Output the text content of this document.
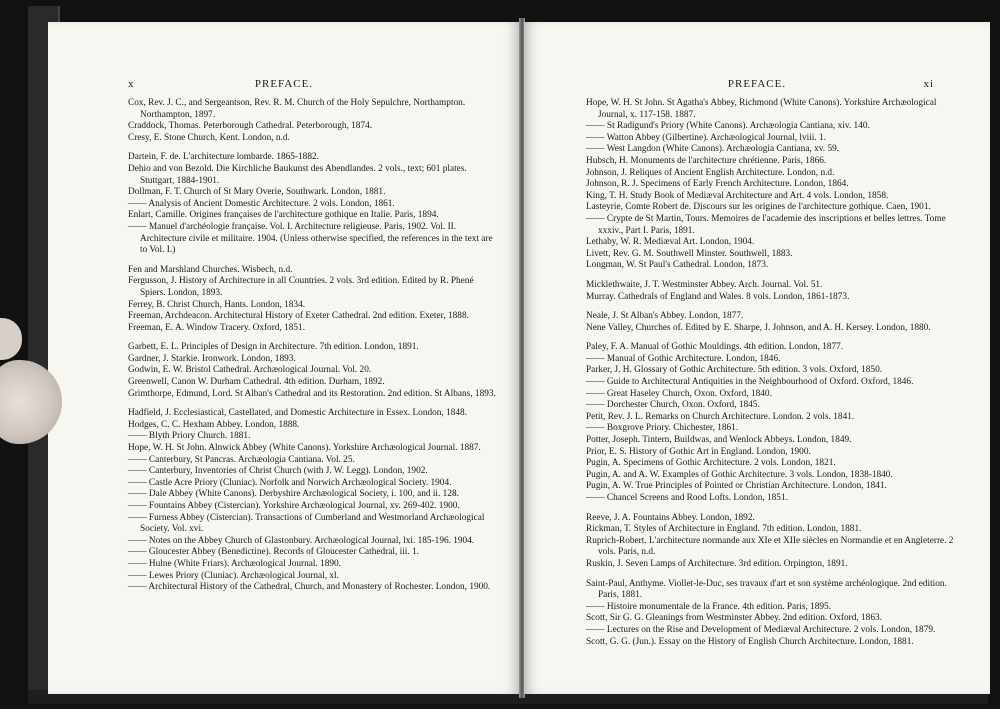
x	PREFACE.
Cox, Rev. J. C., and Sergeantson, Rev. R. M. Church of the Holy Sepulchre, Northampton. Northampton, 1897.
Craddock, Thomas. Peterborough Cathedral. Peterborough, 1874.
Cresy, E. Stone Church, Kent. London, n.d.
Dartein, F. de. L'architecture lombarde. 1865-1882.
Dehio and von Bezold. Die Kirchliche Baukunst des Abendlandes. 2 vols., text; 601 plates. Stuttgart, 1884-1901.
Dollman, F. T. Church of St Mary Overie, Southwark. London, 1881.
—— Analysis of Ancient Domestic Architecture. 2 vols. London, 1861.
Enlart, Camille. Origines françaises de l'architecture gothique en Italie. Paris, 1894.
—— Manuel d'archéologie française. Vol. I. Architecture religieuse. Paris, 1902. Vol. II. Architecture civile et militaire. 1904. (Unless otherwise specified, the references in the text are to Vol. I.)
Fen and Marshland Churches. Wisbech, n.d.
Fergusson, J. History of Architecture in all Countries. 2 vols. 3rd edition. Edited by R. Phené Spiers. London, 1893.
Ferrey, B. Christ Church, Hants. London, 1834.
Freeman, Archdeacon. Architectural History of Exeter Cathedral. 2nd edition. Exeter, 1888.
Freeman, E. A. Window Tracery. Oxford, 1851.
Garbett, E. L. Principles of Design in Architecture. 7th edition. London, 1891.
Gardner, J. Starkie. Ironwork. London, 1893.
Godwin, E. W. Bristol Cathedral. Archæological Journal. Vol. 20.
Greenwell, Canon W. Durham Cathedral. 4th edition. Durham, 1892.
Grimthorpe, Edmund, Lord. St Alban's Cathedral and its Restoration. 2nd edition. St Albans, 1893.
Hadfield, J. Ecclesiastical, Castellated, and Domestic Architecture in Essex. London, 1848.
Hodges, C. C. Hexham Abbey. London, 1888.
—— Blyth Priory Church. 1881.
Hope, W. H. St John. Alnwick Abbey (White Canons). Yorkshire Archæological Journal. 1887.
—— Canterbury, St Pancras. Archæologia Cantiana. Vol. 25.
—— Canterbury, Inventories of Christ Church (with J. W. Legg). London, 1902.
—— Castle Acre Priory (Cluniac). Norfolk and Norwich Archæological Society. 1904.
—— Dale Abbey (White Canons). Derbyshire Archæological Society, i. 100, and ii. 128.
—— Fountains Abbey (Cistercian). Yorkshire Archæological Journal, xv. 269-402. 1900.
—— Furness Abbey (Cistercian). Transactions of Cumberland and Westmorland Archæological Society. Vol. xvi.
—— Notes on the Abbey Church of Glastonbury. Archæological Journal, lxi. 185-196. 1904.
—— Gloucester Abbey (Benedictine). Records of Gloucester Cathedral, iii. 1.
—— Hulne (White Friars). Archæological Journal. 1890.
—— Lewes Priory (Cluniac). Archæological Journal, xl.
—— Architectural History of the Cathedral, Church, and Monastery of Rochester. London, 1900.
PREFACE.	xi
Hope, W. H. St John. St Agatha's Abbey, Richmond (White Canons). Yorkshire Archæological Journal, x. 117-158. 1887.
—— St Radigund's Priory (White Canons). Archæologia Cantiana, xiv. 140.
—— Watton Abbey (Gilbertine). Archæological Journal, lviii. 1.
—— West Langdon (White Canons). Archæologia Cantiana, xv. 59.
Hubsch, H. Monuments de l'architecture chrétienne. Paris, 1866.
Johnson, J. Reliques of Ancient English Architecture. London, n.d.
Johnson, R. J. Specimens of Early French Architecture. London, 1864.
King, T. H. Study Book of Mediæval Architecture and Art. 4 vols. London, 1858.
Lasteyrie, Comte Robert de. Discours sur les origines de l'architecture gothique. Caen, 1901.
—— Crypte de St Martin, Tours. Memoires de l'academie des inscriptions et belles lettres. Tome xxxiv., Part I. Paris, 1891.
Lethaby, W. R. Mediæval Art. London, 1904.
Livett, Rev. G. M. Southwell Minster. Southwell, 1883.
Longman, W. St Paul's Cathedral. London, 1873.
Micklethwaite, J. T. Westminster Abbey. Arch. Journal. Vol. 51.
Murray. Cathedrals of England and Wales. 8 vols. London, 1861-1873.
Neale, J. St Alban's Abbey. London, 1877.
Nene Valley, Churches of. Edited by E. Sharpe, J. Johnson, and A. H. Kersey. London, 1880.
Paley, F. A. Manual of Gothic Mouldings. 4th edition. London, 1877.
—— Manual of Gothic Architecture. London, 1846.
Parker, J. H. Glossary of Gothic Architecture. 5th edition. 3 vols. Oxford, 1850.
—— Guide to Architectural Antiquities in the Neighbourhood of Oxford. Oxford, 1846.
—— Great Haseley Church, Oxon. Oxford, 1840.
—— Dorchester Church, Oxon. Oxford, 1845.
Petit, Rev. J. L. Remarks on Church Architecture. London. 2 vols. 1841.
—— Boxgrove Priory. Chichester, 1861.
Potter, Joseph. Tintern, Buildwas, and Wenlock Abbeys. London, 1849.
Prior, E. S. History of Gothic Art in England. London, 1900.
Pugin, A. Specimens of Gothic Architecture. 2 vols. London, 1821.
Pugin, A. and A. W. Examples of Gothic Architecture. 3 vols. London, 1838-1840.
Pugin, A. W. True Principles of Pointed or Christian Architecture. London, 1841.
—— Chancel Screens and Rood Lofts. London, 1851.
Reeve, J. A. Fountains Abbey. London, 1892.
Rickman, T. Styles of Architecture in England. 7th edition. London, 1881.
Ruprich-Robert. L'architecture normande aux XIe et XIIe siècles en Normandie et en Angleterre. 2 vols. Paris, n.d.
Ruskin, J. Seven Lamps of Architecture. 3rd edition. Orpington, 1891.
Saint-Paul, Anthyme. Viollet-le-Duc, ses travaux d'art et son système archéologique. 2nd edition. Paris, 1881.
—— Histoire monumentale de la France. 4th edition. Paris, 1895.
Scott, Sir G. G. Gleanings from Westminster Abbey. 2nd edition. Oxford, 1863.
—— Lectures on the Rise and Development of Mediæval Architecture. 2 vols. London, 1879.
Scott, G. G. (Jun.). Essay on the History of English Church Architecture. London, 1881.
